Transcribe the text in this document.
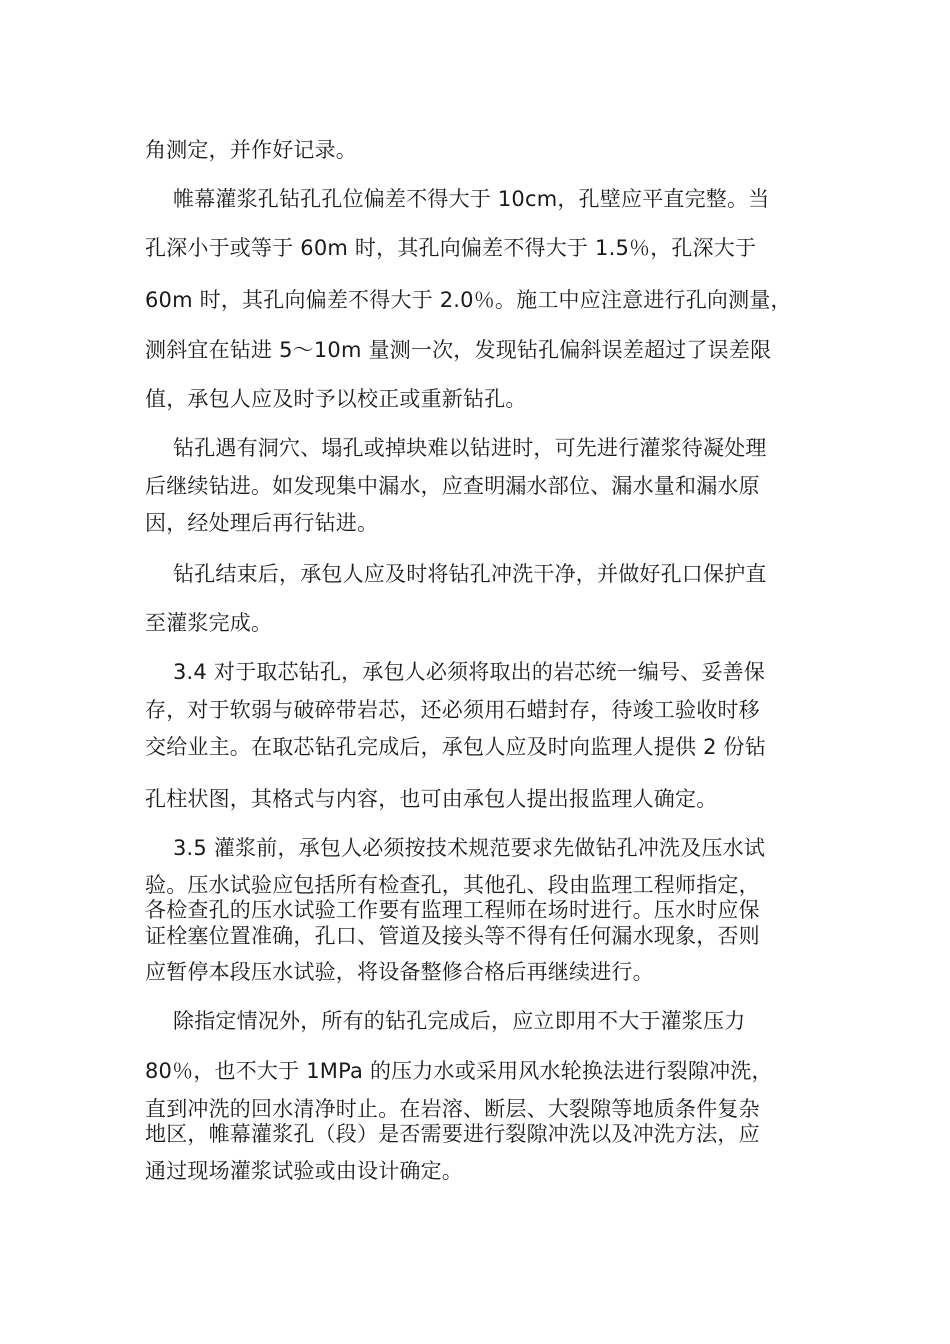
角测定，并作好记录。
帷幕灌浆孔钻孔孔位偏差不得大于 10cm，孔壁应平直完整。当
孔深小于或等于 60m 时，其孔向偏差不得大于 1.5％，孔深大于
60m 时，其孔向偏差不得大于 2.0％。施工中应注意进行孔向测量，
测斜宜在钻进 5～10m 量测一次，发现钻孔偏斜误差超过了误差限
值，承包人应及时予以校正或重新钻孔。
钻孔遇有洞穴、塌孔或掉块难以钻进时，可先进行灌浆待凝处理
后继续钻进。如发现集中漏水，应查明漏水部位、漏水量和漏水原
因，经处理后再行钻进。
钻孔结束后，承包人应及时将钻孔冲洗干净，并做好孔口保护直
至灌浆完成。
3.4 对于取芯钻孔，承包人必须将取出的岩芯统一编号、妥善保
存，对于软弱与破碎带岩芯，还必须用石蜡封存，待竣工验收时移
交给业主。在取芯钻孔完成后，承包人应及时向监理人提供 2 份钻
孔柱状图，其格式与内容，也可由承包人提出报监理人确定。
3.5 灌浆前，承包人必须按技术规范要求先做钻孔冲洗及压水试
验。压水试验应包括所有检查孔，其他孔、段由监理工程师指定，
各检查孔的压水试验工作要有监理工程师在场时进行。压水时应保
证栓塞位置准确，孔口、管道及接头等不得有任何漏水现象，否则
应暂停本段压水试验，将设备整修合格后再继续进行。
除指定情况外，所有的钻孔完成后，应立即用不大于灌浆压力
80％，也不大于 1MPa 的压力水或采用风水轮换法进行裂隙冲洗，
直到冲洗的回水清净时止。在岩溶、断层、大裂隙等地质条件复杂
地区，帷幕灌浆孔（段）是否需要进行裂隙冲洗以及冲洗方法，应
通过现场灌浆试验或由设计确定。
